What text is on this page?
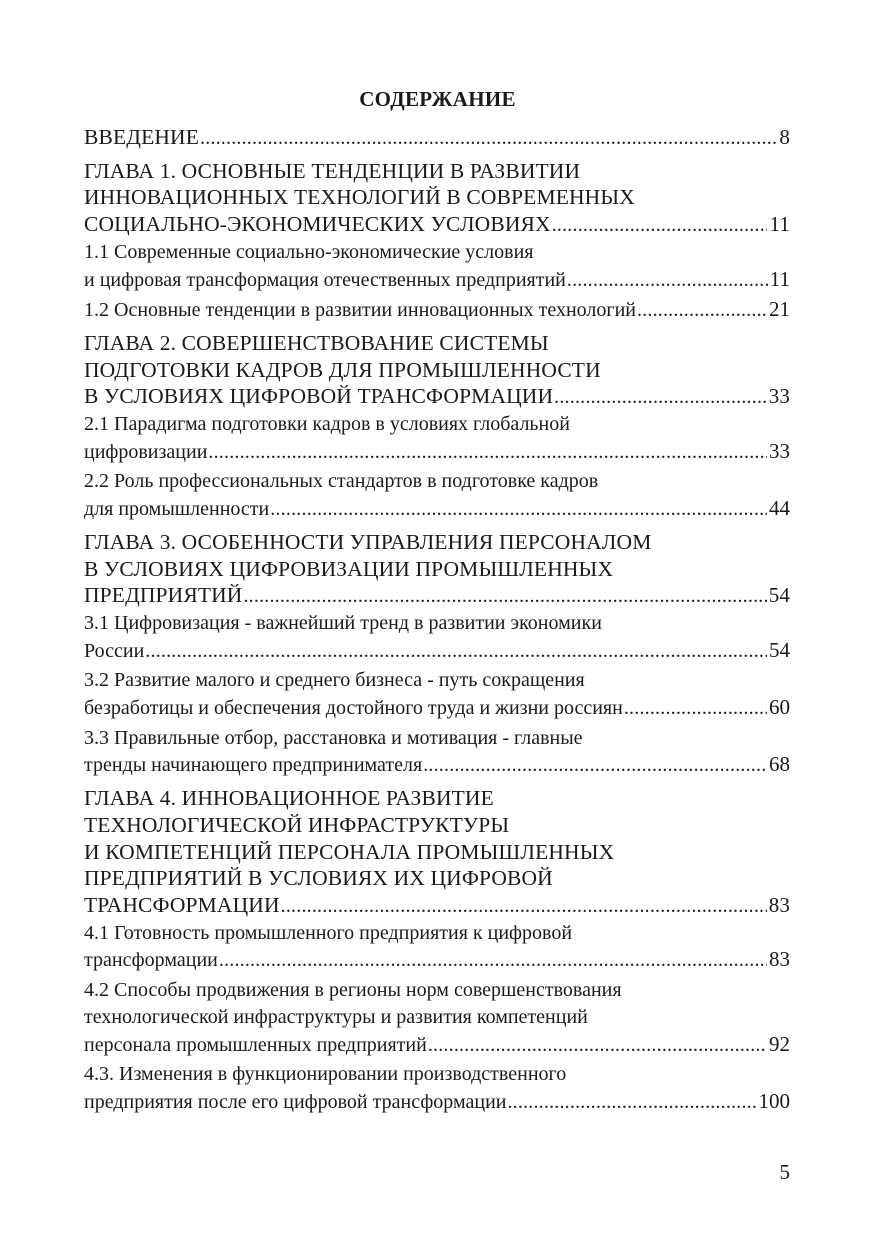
СОДЕРЖАНИЕ
ВВЕДЕНИЕ .....	8
ГЛАВА 1. ОСНОВНЫЕ ТЕНДЕНЦИИ В РАЗВИТИИ
ИННОВАЦИОННЫХ ТЕХНОЛОГИЙ В СОВРЕМЕННЫХ
СОЦИАЛЬНО-ЭКОНОМИЧЕСКИХ УСЛОВИЯХ .....	11
1.1 Современные социально-экономические условия
и цифровая трансформация отечественных предприятий .....	11
1.2 Основные тенденции в развитии инновационных технологий .....	21
ГЛАВА 2. СОВЕРШЕНСТВОВАНИЕ СИСТЕМЫ
ПОДГОТОВКИ КАДРОВ ДЛЯ ПРОМЫШЛЕННОСТИ
В УСЛОВИЯХ ЦИФРОВОЙ ТРАНСФОРМАЦИИ .....	33
2.1 Парадигма подготовки кадров в условиях глобальной
цифровизации .....	33
2.2 Роль профессиональных стандартов в подготовке кадров
для промышленности .....	44
ГЛАВА 3. ОСОБЕННОСТИ УПРАВЛЕНИЯ ПЕРСОНАЛОМ
В УСЛОВИЯХ ЦИФРОВИЗАЦИИ ПРОМЫШЛЕННЫХ
ПРЕДПРИЯТИЙ .....	54
3.1 Цифровизация - важнейший тренд в развитии экономики
России .....	54
3.2 Развитие малого и среднего бизнеса - путь сокращения
безработицы и обеспечения достойного труда и жизни россиян .....	60
3.3 Правильные отбор, расстановка и мотивация - главные
тренды начинающего предпринимателя .....	68
ГЛАВА 4. ИННОВАЦИОННОЕ РАЗВИТИЕ
ТЕХНОЛОГИЧЕСКОЙ ИНФРАСТРУКТУРЫ
И КОМПЕТЕНЦИЙ ПЕРСОНАЛА ПРОМЫШЛЕННЫХ
ПРЕДПРИЯТИЙ В УСЛОВИЯХ ИХ ЦИФРОВОЙ
ТРАНСФОРМАЦИИ .....	83
4.1 Готовность промышленного предприятия к цифровой
трансформации .....	83
4.2 Способы продвижения в регионы норм совершенствования
технологической инфраструктуры и развития компетенций
персонала промышленных предприятий .....	92
4.3. Изменения в функционировании производственного
предприятия после его цифровой трансформации .....	100
5
